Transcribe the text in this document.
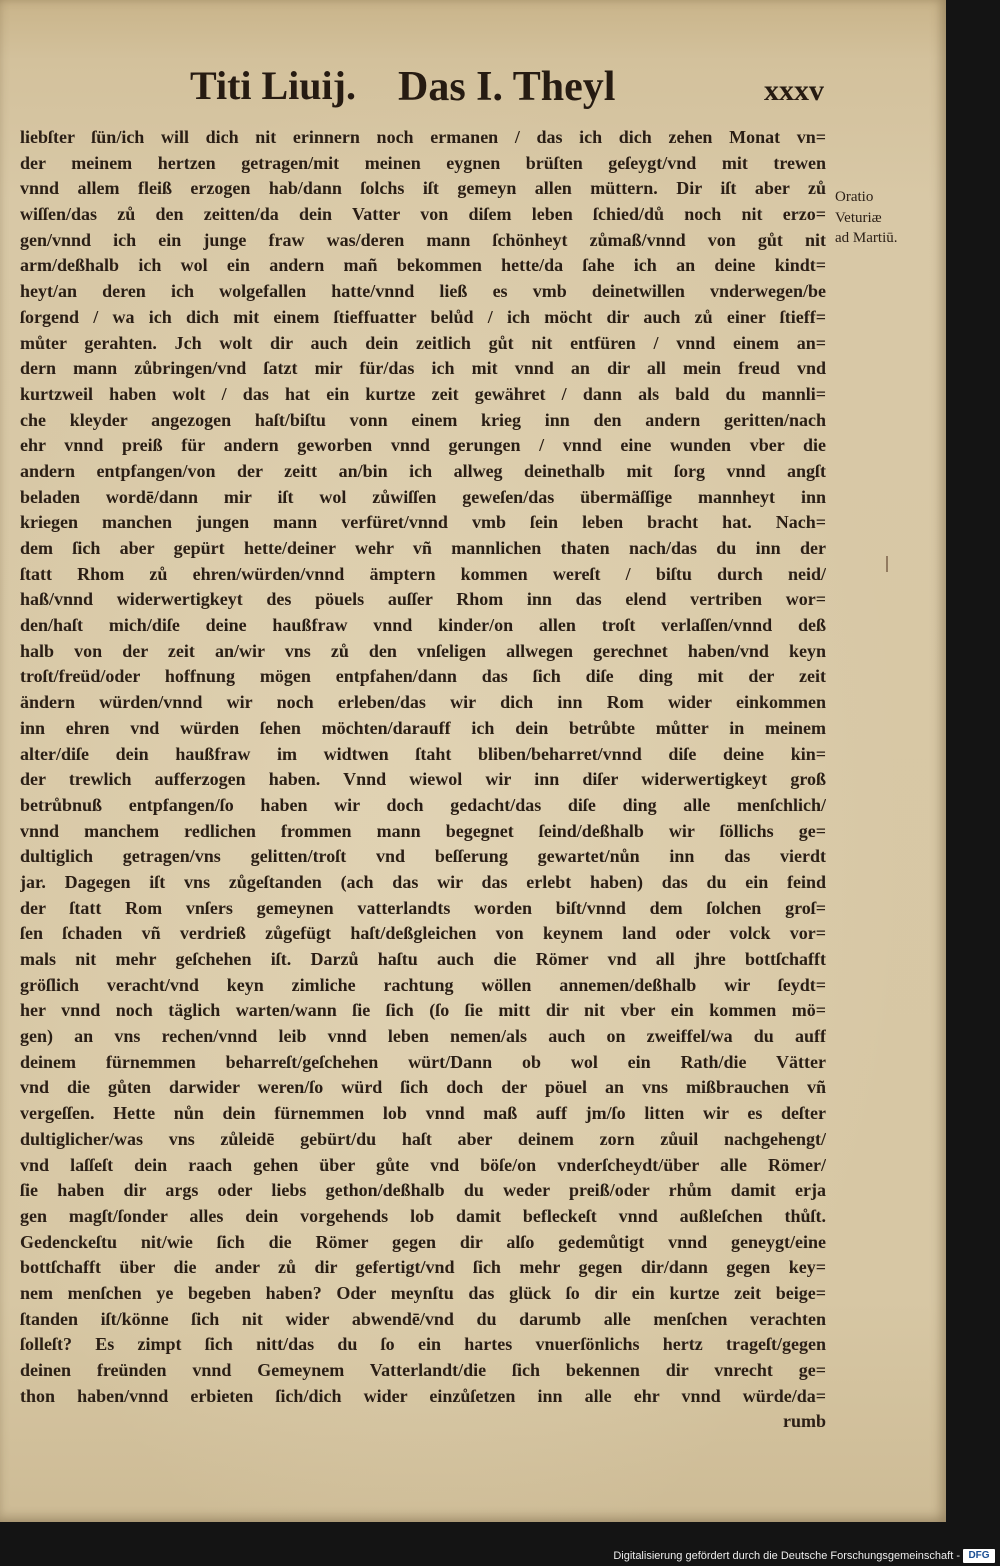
Titi Liuij. Das I. Theyl	xxxv
liebſter ſün/ich will dich nit erinnern noch ermanen / das ich dich zehen Monat vn=
der meinem hertzen getragen/mit meinen eygnen brüſten geſeygt/vnd mit trewen
vnnd allem fleiß erzogen hab/dann ſolchs iſt gemeyn allen müttern. Dir iſt aber zů
wiſſen/das zů den zeitten/da dein Vatter von diſem leben ſchied/dů noch nit erzo=
gen/vnnd ich ein junge fraw was/deren mann ſchönheyt zůmaß/vnnd von gůt nit
arm/deßhalb ich wol ein andern mañ bekommen hette/da ſahe ich an deine kindt=
heyt/an deren ich wolgefallen hatte/vnnd ließ es vmb deinetwillen vnderwegen/be
ſorgend / wa ich dich mit einem ſtieffuatter belůd / ich möcht dir auch zů einer ſtieff=
můter gerahten. Jch wolt dir auch dein zeitlich gůt nit entfüren / vnnd einem an=
dern mann zůbringen/vnd ſatzt mir für/das ich mit vnnd an dir all mein freud vnd
kurtzweil haben wolt / das hat ein kurtze zeit gewähret / dann als bald du mannli=
che kleyder angezogen haſt/biſtu vonn einem krieg inn den andern geritten/nach
ehr vnnd preiß für andern geworben vnnd gerungen / vnnd eine wunden vber die
andern entpfangen/von der zeitt an/bin ich allweg deinethalb mit ſorg vnnd angſt
beladen wordē/dann mir iſt wol zůwiſſen geweſen/das übermäſſige mannheyt inn
kriegen manchen jungen mann verfüret/vnnd vmb ſein leben bracht hat. Nach=
dem ſich aber gepürt hette/deiner wehr vñ mannlichen thaten nach/das du inn der
ſtatt Rhom zů ehren/würden/vnnd ämptern kommen wereſt / biſtu durch neid/
haß/vnnd widerwertigkeyt des pöuels auſſer Rhom inn das elend vertriben wor=
den/haſt mich/diſe deine haußfraw vnnd kinder/on allen troſt verlaſſen/vnnd deß
halb von der zeit an/wir vns zů den vnſeligen allwegen gerechnet haben/vnd keyn
troſt/freüd/oder hoffnung mögen entpfahen/dann das ſich diſe ding mit der zeit
ändern würden/vnnd wir noch erleben/das wir dich inn Rom wider einkommen
inn ehren vnd würden ſehen möchten/darauff ich dein betrůbte můtter in meinem
alter/diſe dein haußfraw im widtwen ſtaht bliben/beharret/vnnd diſe deine kin=
der trewlich aufferzogen haben. Vnnd wiewol wir inn diſer widerwertigkeyt groß
betrůbnuß entpfangen/ſo haben wir doch gedacht/das diſe ding alle menſchlich/
vnnd manchem redlichen frommen mann begegnet ſeind/deßhalb wir ſöllichs ge=
dultiglich getragen/vns gelitten/troſt vnd beſſerung gewartet/nůn inn das vierdt
jar. Dagegen iſt vns zůgeſtanden (ach das wir das erlebt haben) das du ein feind
der ſtatt Rom vnſers gemeynen vatterlandts worden biſt/vnnd dem ſolchen groſ=
ſen ſchaden vñ verdrieß zůgefügt haſt/deßgleichen von keynem land oder volck vor=
mals nit mehr geſchehen iſt. Darzů haſtu auch die Römer vnd all jhre bottſchafft
gröſlich veracht/vnd keyn zimliche rachtung wöllen annemen/deßhalb wir ſeydt=
her vnnd noch täglich warten/wann ſie ſich (ſo ſie mitt dir nit vber ein kommen mö=
gen) an vns rechen/vnnd leib vnnd leben nemen/als auch on zweiffel/wa du auff
deinem fürnemmen beharreſt/geſchehen würt/Dann ob wol ein Rath/die Vätter
vnd die gůten darwider weren/ſo würd ſich doch der pöuel an vns mißbrauchen vñ
vergeſſen. Hette nůn dein fürnemmen lob vnnd maß auff jm/ſo litten wir es deſter
dultiglicher/was vns zůleidē gebürt/du haſt aber deinem zorn zůuil nachgehengt/
vnd laſſeſt dein raach gehen über gůte vnd böſe/on vnderſcheydt/über alle Römer/
ſie haben dir args oder liebs gethon/deßhalb du weder preiß/oder rhům damit erja
gen magſt/ſonder alles dein vorgehends lob damit befleckeſt vnnd außleſchen thůſt.
Gedenckeſtu nit/wie ſich die Römer gegen dir alſo gedemůtigt vnnd geneygt/eine
bottſchafft über die ander zů dir gefertigt/vnd ſich mehr gegen dir/dann gegen key=
nem menſchen ye begeben haben? Oder meynſtu das glück ſo dir ein kurtze zeit beige=
ſtanden iſt/könne ſich nit wider abwendē/vnd du darumb alle menſchen verachten
ſolleſt? Es zimpt ſich nitt/das du ſo ein hartes vnuerſönlichs hertz trageſt/gegen
deinen freünden vnnd Gemeynem Vatterlandt/die ſich bekennen dir vnrecht ge=
thon haben/vnnd erbieten ſich/dich wider einzůſetzen inn alle ehr vnnd würde/da=
rumb
Oratio
Veturiæ
ad Martiū.
Digitalisierung gefördert durch die Deutsche Forschungsgemeinschaft - DFG
